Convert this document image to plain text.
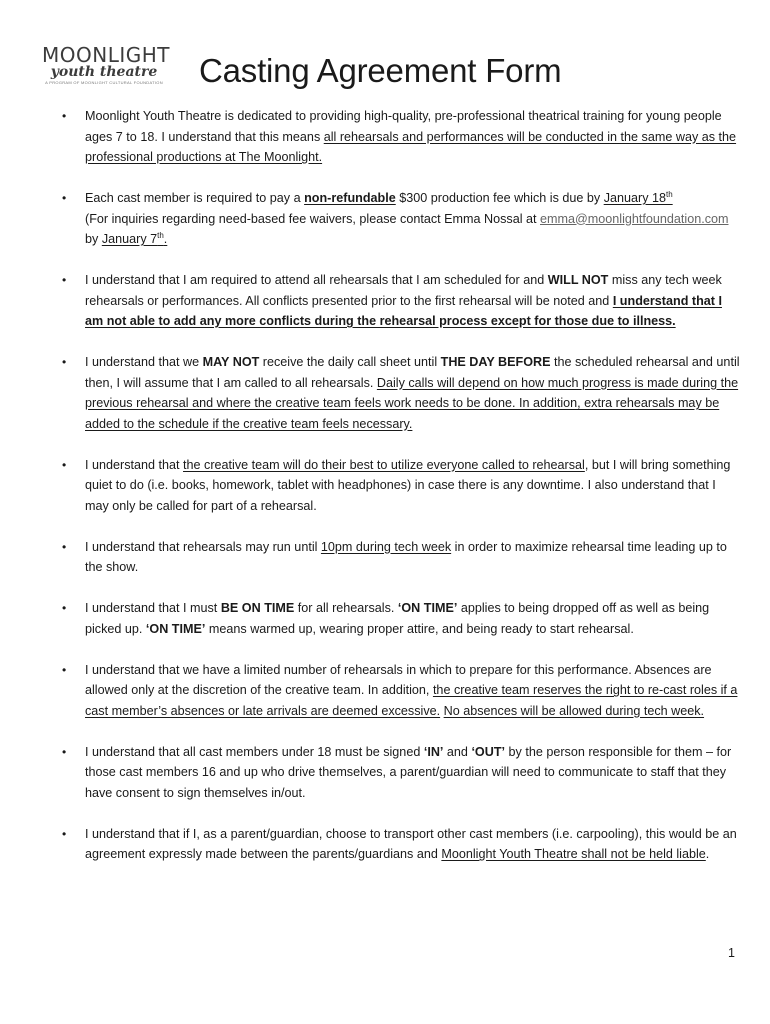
MOONLIGHT
youth theatre
A PROGRAM OF MOONLIGHT CULTURAL FOUNDATION Casting Agreement Form
• Moonlight Youth Theatre is dedicated to providing high-quality, pre-professional theatrical training for young people ages 7 to 18. I understand that this means all rehearsals and performances will be conducted in the same way as the professional productions at The Moonlight.
• Each cast member is required to pay a non-refundable $300 production fee which is due by January 18th
(For inquiries regarding need-based fee waivers, please contact Emma Nossal at emma@moonlightfoundation.com by January 7th.
• I understand that I am required to attend all rehearsals that I am scheduled for and WILL NOT miss any tech week rehearsals or performances. All conflicts presented prior to the first rehearsal will be noted and I understand that I am not able to add any more conflicts during the rehearsal process except for those due to illness.
• I understand that we MAY NOT receive the daily call sheet until THE DAY BEFORE the scheduled rehearsal and until then, I will assume that I am called to all rehearsals. Daily calls will depend on how much progress is made during the previous rehearsal and where the creative team feels work needs to be done. In addition, extra rehearsals may be added to the schedule if the creative team feels necessary.
• I understand that the creative team will do their best to utilize everyone called to rehearsal, but I will bring something quiet to do (i.e. books, homework, tablet with headphones) in case there is any downtime. I also understand that I may only be called for part of a rehearsal.
• I understand that rehearsals may run until 10pm during tech week in order to maximize rehearsal time leading up to the show.
• I understand that I must BE ON TIME for all rehearsals. ‘ON TIME’ applies to being dropped off as well as being picked up. ‘ON TIME’ means warmed up, wearing proper attire, and being ready to start rehearsal.
• I understand that we have a limited number of rehearsals in which to prepare for this performance. Absences are allowed only at the discretion of the creative team. In addition, the creative team reserves the right to re-cast roles if a cast member’s absences or late arrivals are deemed excessive. No absences will be allowed during tech week.
• I understand that all cast members under 18 must be signed ‘IN’ and ‘OUT’ by the person responsible for them – for those cast members 16 and up who drive themselves, a parent/guardian will need to communicate to staff that they have consent to sign themselves in/out.
• I understand that if I, as a parent/guardian, choose to transport other cast members (i.e. carpooling), this would be an agreement expressly made between the parents/guardians and Moonlight Youth Theatre shall not be held liable.
1
